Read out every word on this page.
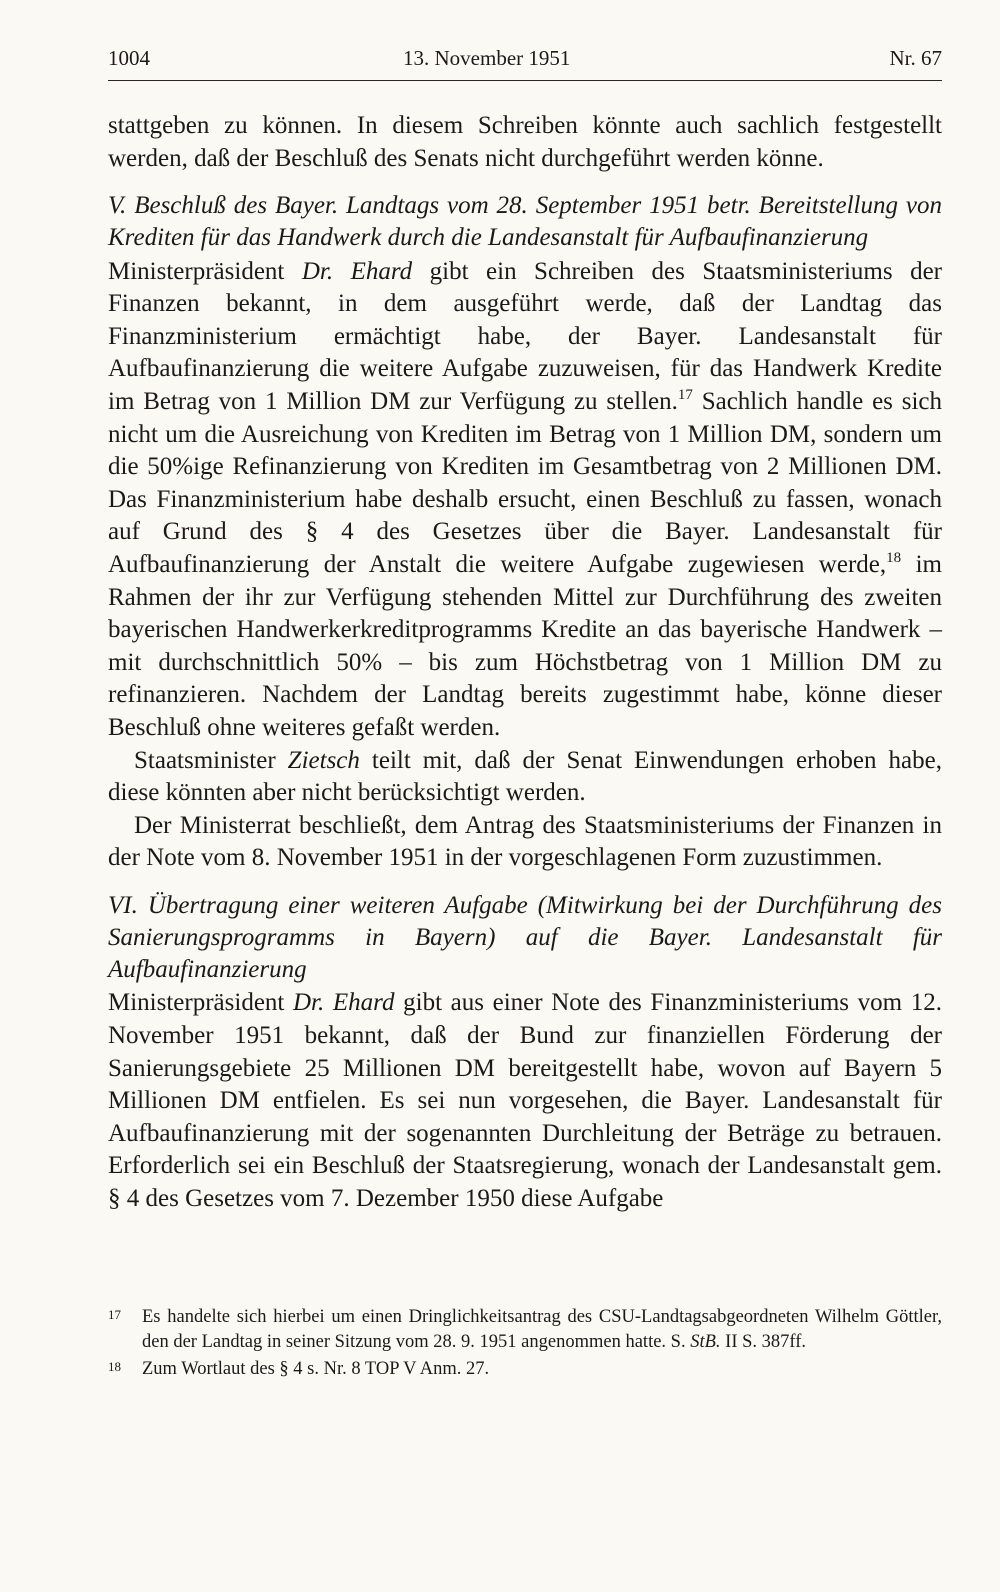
1004	13. November 1951	Nr. 67

stattgeben zu können. In diesem Schreiben könnte auch sachlich festgestellt werden, daß der Beschluß des Senats nicht durchgeführt werden könne.

V. Beschluß des Bayer. Landtags vom 28. September 1951 betr. Bereitstellung von Krediten für das Handwerk durch die Landesanstalt für Aufbaufinanzierung

Ministerpräsident Dr. Ehard gibt ein Schreiben des Staatsministeriums der Finanzen bekannt, in dem ausgeführt werde, daß der Landtag das Finanzministerium ermächtigt habe, der Bayer. Landesanstalt für Aufbaufinanzierung die weitere Aufgabe zuzuweisen, für das Handwerk Kredite im Betrag von 1 Million DM zur Verfügung zu stellen.$^{17}$ Sachlich handle es sich nicht um die Ausreichung von Krediten im Betrag von 1 Million DM, sondern um die 50%ige Refinanzierung von Krediten im Gesamtbetrag von 2 Millionen DM. Das Finanzministerium habe deshalb ersucht, einen Beschluß zu fassen, wonach auf Grund des § 4 des Gesetzes über die Bayer. Landesanstalt für Aufbaufinanzierung der Anstalt die weitere Aufgabe zugewiesen werde,$^{18}$ im Rahmen der ihr zur Verfügung stehenden Mittel zur Durchführung des zweiten bayerischen Handwerkerkreditprogramms Kredite an das bayerische Handwerk – mit durchschnittlich 50% – bis zum Höchstbetrag von 1 Million DM zu refinanzieren. Nachdem der Landtag bereits zugestimmt habe, könne dieser Beschluß ohne weiteres gefaßt werden.

Staatsminister Zietsch teilt mit, daß der Senat Einwendungen erhoben habe, diese könnten aber nicht berücksichtigt werden.

Der Ministerrat beschließt, dem Antrag des Staatsministeriums der Finanzen in der Note vom 8. November 1951 in der vorgeschlagenen Form zuzustimmen.

VI. Übertragung einer weiteren Aufgabe (Mitwirkung bei der Durchführung des Sanierungsprogramms in Bayern) auf die Bayer. Landesanstalt für Aufbaufinanzierung

Ministerpräsident Dr. Ehard gibt aus einer Note des Finanzministeriums vom 12. November 1951 bekannt, daß der Bund zur finanziellen Förderung der Sanierungsgebiete 25 Millionen DM bereitgestellt habe, wovon auf Bayern 5 Millionen DM entfielen. Es sei nun vorgesehen, die Bayer. Landesanstalt für Aufbaufinanzierung mit der sogenannten Durchleitung der Beträge zu betrauen. Erforderlich sei ein Beschluß der Staatsregierung, wonach der Landesanstalt gem. § 4 des Gesetzes vom 7. Dezember 1950 diese Aufgabe

17 Es handelte sich hierbei um einen Dringlichkeitsantrag des CSU-Landtagsabgeordneten Wilhelm Göttler, den der Landtag in seiner Sitzung vom 28. 9. 1951 angenommen hatte. S. StB. II S. 387ff.
18 Zum Wortlaut des § 4 s. Nr. 8 TOP V Anm. 27.
